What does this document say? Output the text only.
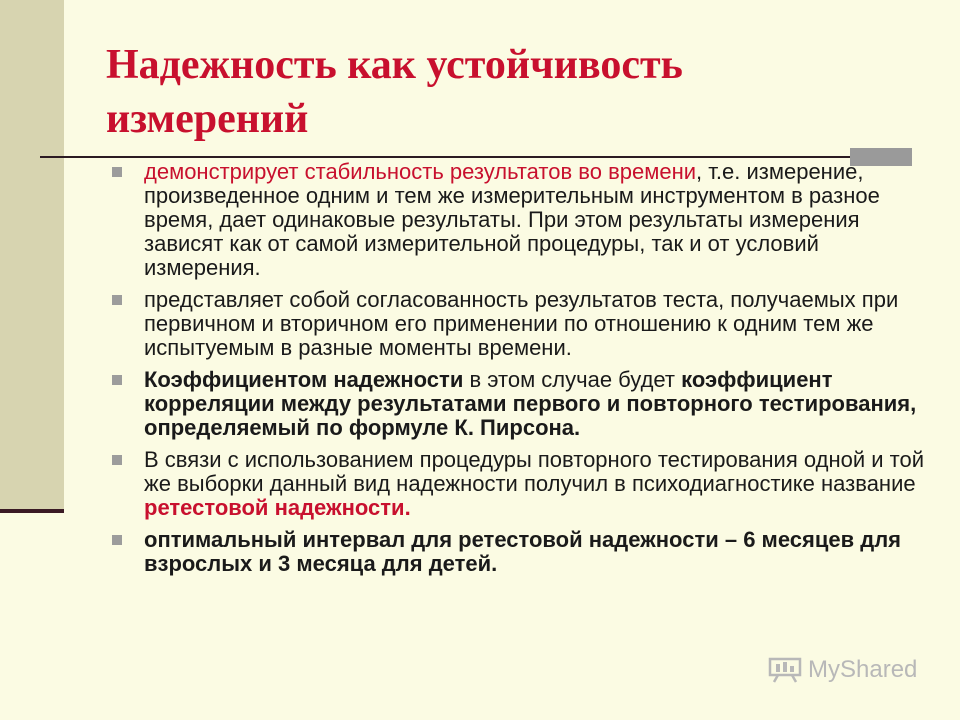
Надежность как устойчивость измерений
демонстрирует стабильность результатов во времени, т.е. измерение, произведенное одним и тем же измерительным инструментом в разное время, дает одинаковые результаты. При этом результаты измерения зависят как от самой измерительной процедуры, так и от условий измерения.
представляет собой согласованность результатов теста, получаемых при первичном и вторичном его применении по отношению к одним тем же испытуемым в разные моменты времени.
Коэффициентом надежности в этом случае будет коэффициент корреляции между результатами первого и повторного тестирования, определяемый по формуле К. Пирсона.
В связи с использованием процедуры повторного тестирования одной и той же выборки данный вид надежности получил в психодиагностике название ретестовой надежности.
оптимальный интервал для ретестовой надежности – 6 месяцев для взрослых и 3 месяца для детей.
MyShared
